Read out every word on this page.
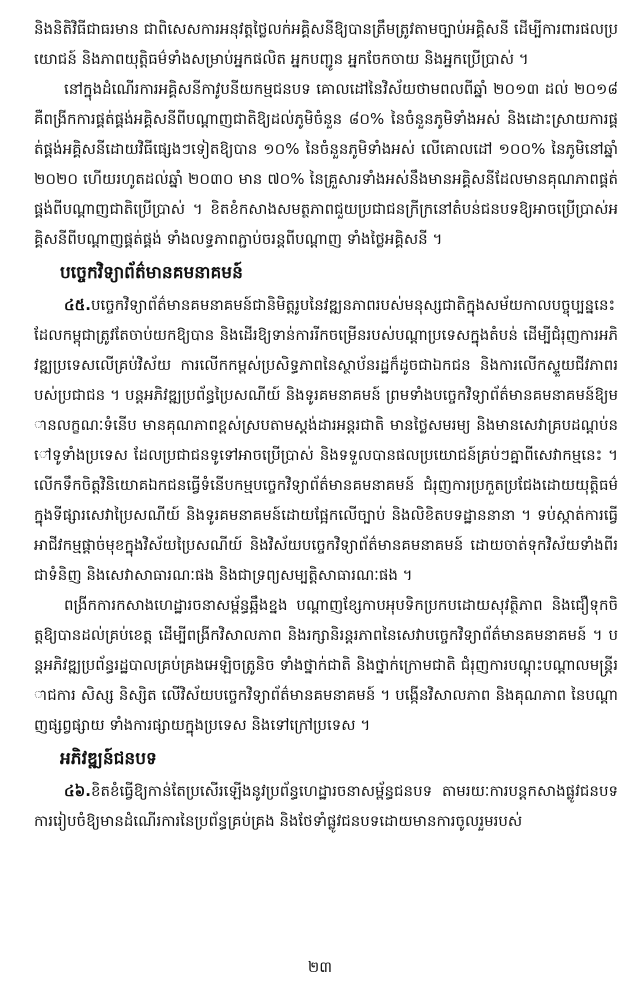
និងនិតិវិធីជាធរមាន ជាពិសេសការអនុវត្តថ្លៃលក់អគ្គិសនីឱ្យបានត្រឹមត្រូវតាមច្បាប់អគ្គិសនី ដើម្បីការពារផលប្រយោជន៍ និងភាពយុត្តិធម៌ទាំងសម្រាប់អ្នកផលិត អ្នកបញ្ជូន អ្នកចែកចាយ និងអ្នកប្រើប្រាស់ ។

នៅក្នុងដំណើរការអគ្គិសនីកាវូបនីយកម្មជនបទ គោលដៅនៃវិស័យថាមពលពីឆ្នាំ ២០១៣ ដល់ ២០១៨ គឺពង្រីកការផ្គត់ផ្គង់អគ្គិសនីពីបណ្តាញជាតិឱ្យដល់ភូមិចំនួន ៨០% នៃចំនួនភូមិទាំងអស់ និងដោះស្រាយការផ្គត់ផ្គង់អគ្គិសនីដោយវិធីផ្សេងៗទៀតឱ្យបាន ១០% នៃចំនួនភូមិទាំងអស់ លើគោលដៅ ១០០% នៃភូមិនៅឆ្នាំ ២០២០ ហើយរហូតដល់ឆ្នាំ ២០៣០ មាន ៧០% នៃគ្រួសារទាំងអស់នឹងមានអគ្គិសនីដែលមានគុណភាពផ្គត់ផ្គង់ពីបណ្តាញជាតិប្រើប្រាស់ ។ ខិតខំកសាងសមត្ថភាពជួយប្រជាជនក្រីក្រនៅតំបន់ជនបទឱ្យអាចប្រើប្រាស់អគ្គិសនីពីបណ្តាញផ្គត់ផ្គង់ ទាំងលទ្ធភាពភ្ជាប់ចរន្តពីបណ្តាញ ទាំងថ្លៃអគ្គិសនី ។

បច្ចេកវិទ្យាព័ត៌មានគមនាគមន៍

៤៥.បច្ចេកវិទ្យាព័ត៌មានគមនាគមន៍ជានិមិត្តរូបនៃវឌ្ឍនភាពរបស់មនុស្សជាតិក្នុងសម័យកាលបច្ចុប្បន្ននេះ ដែលកម្ពុជាត្រូវតែចាប់យកឱ្យបាន និងដើរឱ្យទាន់ការរីកចម្រើនរបស់បណ្តាប្រទេសក្នុងតំបន់ ដើម្បីជំរុញការអភិវឌ្ឍប្រទេសលើគ្រប់វិស័យ ការលើកកម្ពស់ប្រសិទ្ធភាពនៃស្ថាប័នរដ្ឋក៏ដូចជាឯកជន និងការលើកស្ទួយជីវភាពរបស់ប្រជាជន ។ បន្តអភិវឌ្ឍប្រព័ន្ធប្រៃសណីយ៍ និងទូរគមនាគមន៍ ព្រមទាំងបច្ចេកវិទ្យាព័ត៌មានគមនាគមន៍ឱ្យមានលក្ខណៈទំនើប មានគុណភាពខ្ពស់ស្របតាមស្តង់ដារអន្តរជាតិ មានថ្លៃសមរម្យ និងមានសេវាគ្របដណ្តប់នៅទូទាំងប្រទេស ដែលប្រជាជនទូទៅអាចប្រើប្រាស់ និងទទួលបានផលប្រយោជន៍គ្រប់ៗគ្នាពីសេវាកម្មនេះ ។ លើកទឹកចិត្តវិនិយោគឯកជនធ្វើទំនើបកម្មបច្ចេកវិទ្យាព័ត៌មានគមនាគមន៍ ជំរុញការប្រកួតប្រជែងដោយយុត្តិធម៌ក្នុងទីផ្សារសេវាប្រៃសណីយ៍ និងទូរគមនាគមន៍ដោយផ្អែកលើច្បាប់ និងលិខិតបទដ្ឋាននានា ។ ទប់ស្កាត់ការធ្វើអាជីវកម្មផ្តាច់មុខក្នុងវិស័យប្រៃសណីយ៍ និងវិស័យបច្ចេកវិទ្យាព័ត៌មានគមនាគមន៍ ដោយចាត់ទុកវិស័យទាំងពីរ ជាទំនិញ និងសេវាសាធារណៈផង និងជាទ្រព្យសម្បត្តិសាធារណៈផង ។

ពង្រីកការកសាងហេដ្ឋារចនាសម្ព័ន្ធឆ្អឹងខ្នង បណ្តាញខ្សែកាបអុបទិកប្រកបដោយសុវត្ថិភាព និងជឿទុកចិត្តឱ្យបានដល់គ្រប់ខេត្ត ដើម្បីពង្រីកវិសាលភាព និងរក្សានិរន្តរភាពនៃសេវាបច្ចេកវិទ្យាព័ត៌មានគមនាគមន៍ ។ បន្តអភិវឌ្ឍប្រព័ន្ធរដ្ឋបាលគ្រប់គ្រងអេឡិចត្រូនិច ទាំងថ្នាក់ជាតិ និងថ្នាក់ក្រោមជាតិ ជំរុញការបណ្តុះបណ្តាលមន្ត្រីរាជការ សិស្ស និស្សិត លើវិស័យបច្ចេកវិទ្យាព័ត៌មានគមនាគមន៍ ។ បង្កើនវិសាលភាព និងគុណភាព នៃបណ្តាញផ្សព្វផ្សាយ ទាំងការផ្សាយក្នុងប្រទេស និងទៅក្រៅប្រទេស ។

អភិវឌ្ឍន៍ជនបទ

៤៦.ខិតខំធ្វើឱ្យកាន់តែប្រសើរឡើងនូវប្រព័ន្ធហេដ្ឋារចនាសម្ព័ន្ធជនបទ តាមរយៈការបន្តកសាងផ្លូវជនបទ ការរៀបចំឱ្យមានដំណើរការនៃប្រព័ន្ធគ្រប់គ្រង និងថែទាំផ្លូវជនបទដោយមានការចូលរួមរបស់

២៣
